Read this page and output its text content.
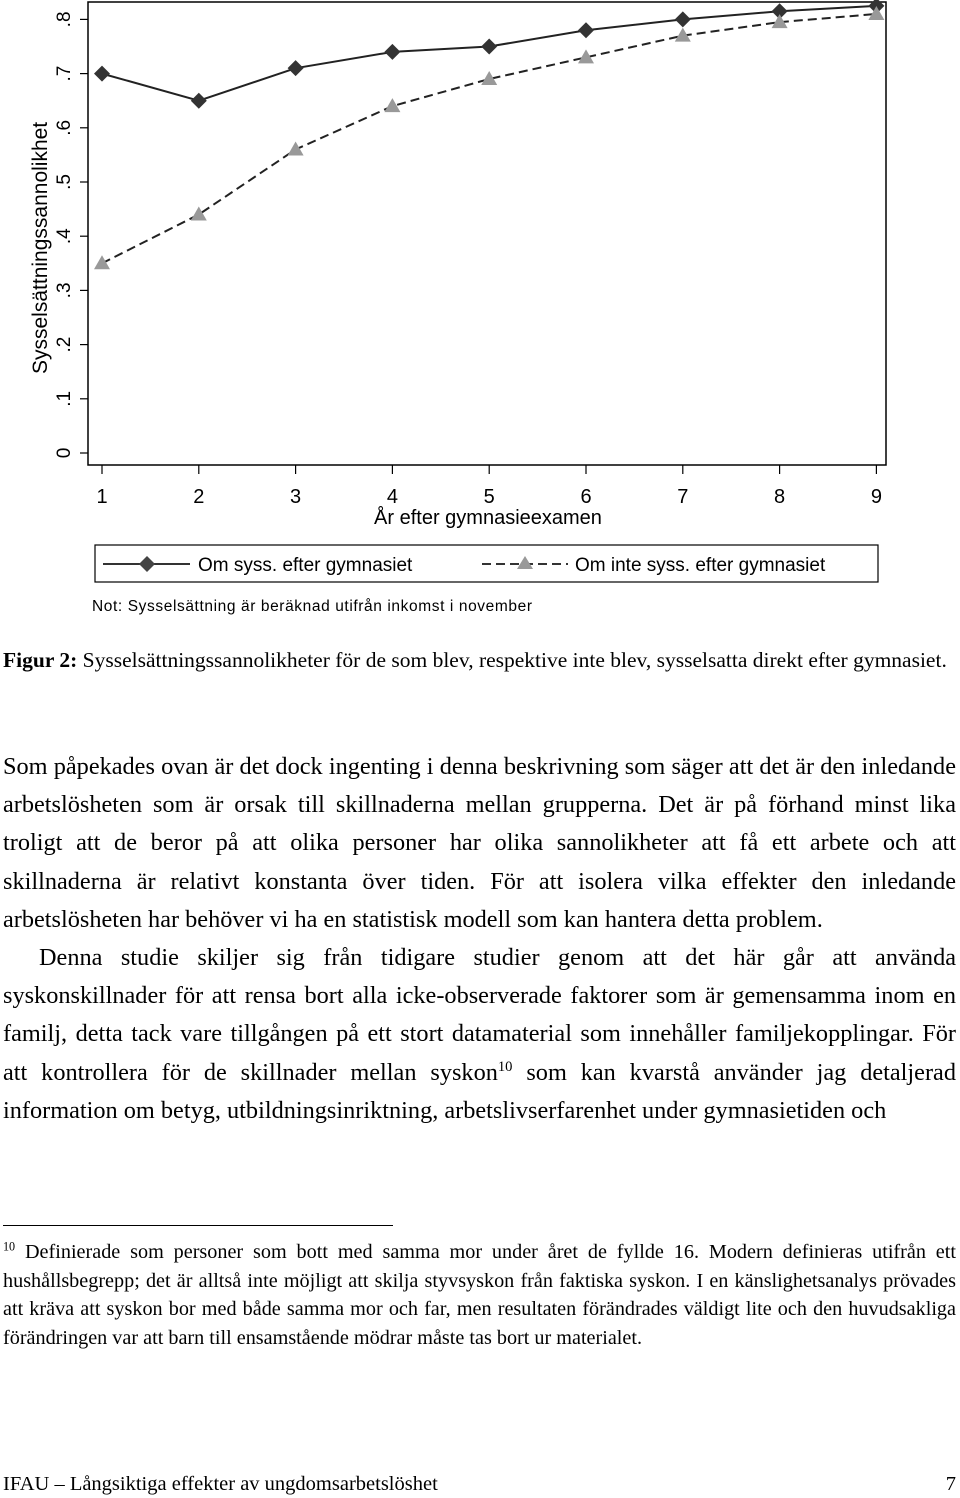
Sysselsättningssannolikhet
0
.1
.2
.3
.4
.5
.6
.7
.8
1	2	3	4	5	6	7	8	9
År efter gymnasieexamen
Om syss. efter gymnasiet	Om inte syss. efter gymnasiet
Not: Sysselsättning är beräknad utifrån inkomst i november
Figur 2: Sysselsättningssannolikheter för de som blev, respektive inte blev, sysselsatta direkt efter gymnasiet.

Som påpekades ovan är det dock ingenting i denna beskrivning som säger att det är den inledande arbetslösheten som är orsak till skillnaderna mellan grupperna. Det är på förhand minst lika troligt att de beror på att olika personer har olika sannolikheter att få ett arbete och att skillnaderna är relativt konstanta över tiden. För att isolera vilka effekter den inledande arbetslösheten har behöver vi ha en statistisk modell som kan hantera detta problem.

Denna studie skiljer sig från tidigare studier genom att det här går att använda syskonskillnader för att rensa bort alla icke-observerade faktorer som är gemensamma inom en familj, detta tack vare tillgången på ett stort datamaterial som innehåller familjekopplingar. För att kontrollera för de skillnader mellan syskon$^{10}$ som kan kvarstå använder jag detaljerad information om betyg, utbildningsinriktning, arbetslivserfarenhet under gymnasietiden och

$^{10}$ Definierade som personer som bott med samma mor under året de fyllde 16. Modern definieras utifrån ett hushållsbegrepp; det är alltså inte möjligt att skilja styvsyskon från faktiska syskon. I en känslighetsanalys prövades att kräva att syskon bor med både samma mor och far, men resultaten förändrades väldigt lite och den huvudsakliga förändringen var att barn till ensamstående mödrar måste tas bort ur materialet.
IFAU – Långsiktiga effekter av ungdomsarbetslöshet	7
